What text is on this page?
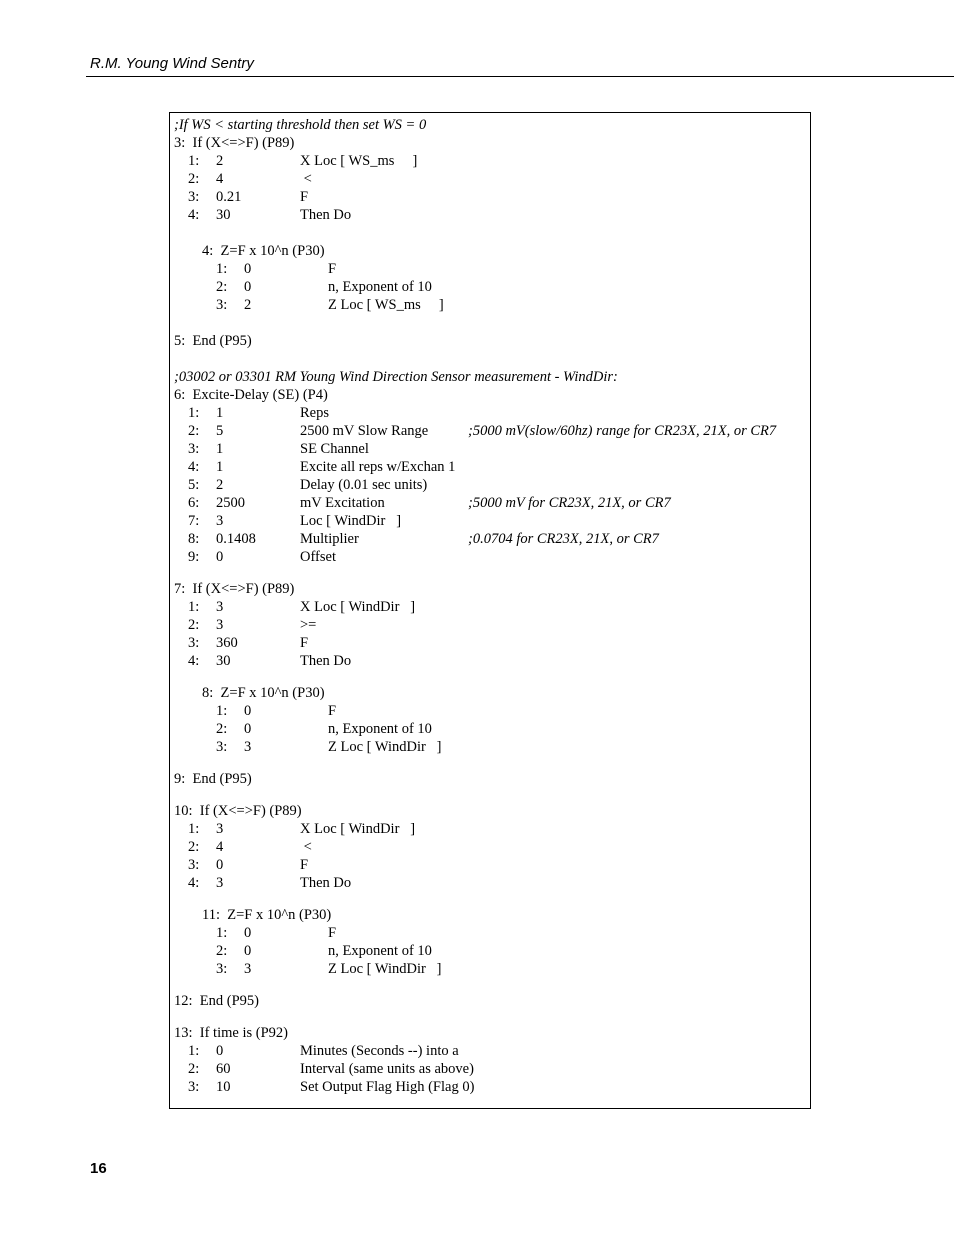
R.M. Young Wind Sentry
;If WS < starting threshold then set WS = 0
3:  If (X<=>F) (P89)
1: 2	X Loc [ WS_ms     ]
2: 4	<
3: 0.21	F
4: 30	Then Do
4:  Z=F x 10^n (P30)
1: 0	F
2: 0	n, Exponent of 10
3: 2	Z Loc [ WS_ms     ]
5:  End (P95)
;03002 or 03301 RM Young Wind Direction Sensor measurement - WindDir:
6:  Excite-Delay (SE) (P4)
1: 1	Reps
2: 5	2500 mV Slow Range	;5000 mV(slow/60hz) range for CR23X, 21X, or CR7
3: 1	SE Channel
4: 1	Excite all reps w/Exchan 1
5: 2	Delay (0.01 sec units)
6: 2500	mV Excitation	;5000 mV for CR23X, 21X, or CR7
7: 3	Loc [ WindDir   ]
8: 0.1408	Multiplier	;0.0704 for CR23X, 21X, or CR7
9: 0	Offset
7:  If (X<=>F) (P89)
1: 3	X Loc [ WindDir   ]
2: 3	>=
3: 360	F
4: 30	Then Do
8:  Z=F x 10^n (P30)
1: 0	F
2: 0	n, Exponent of 10
3: 3	Z Loc [ WindDir   ]
9:  End (P95)
10:  If (X<=>F) (P89)
1: 3	X Loc [ WindDir   ]
2: 4	<
3: 0	F
4: 3	Then Do
11:  Z=F x 10^n (P30)
1: 0	F
2: 0	n, Exponent of 10
3: 3	Z Loc [ WindDir   ]
12:  End (P95)
13:  If time is (P92)
1: 0	Minutes (Seconds --) into a
2: 60	Interval (same units as above)
3: 10	Set Output Flag High (Flag 0)
16
